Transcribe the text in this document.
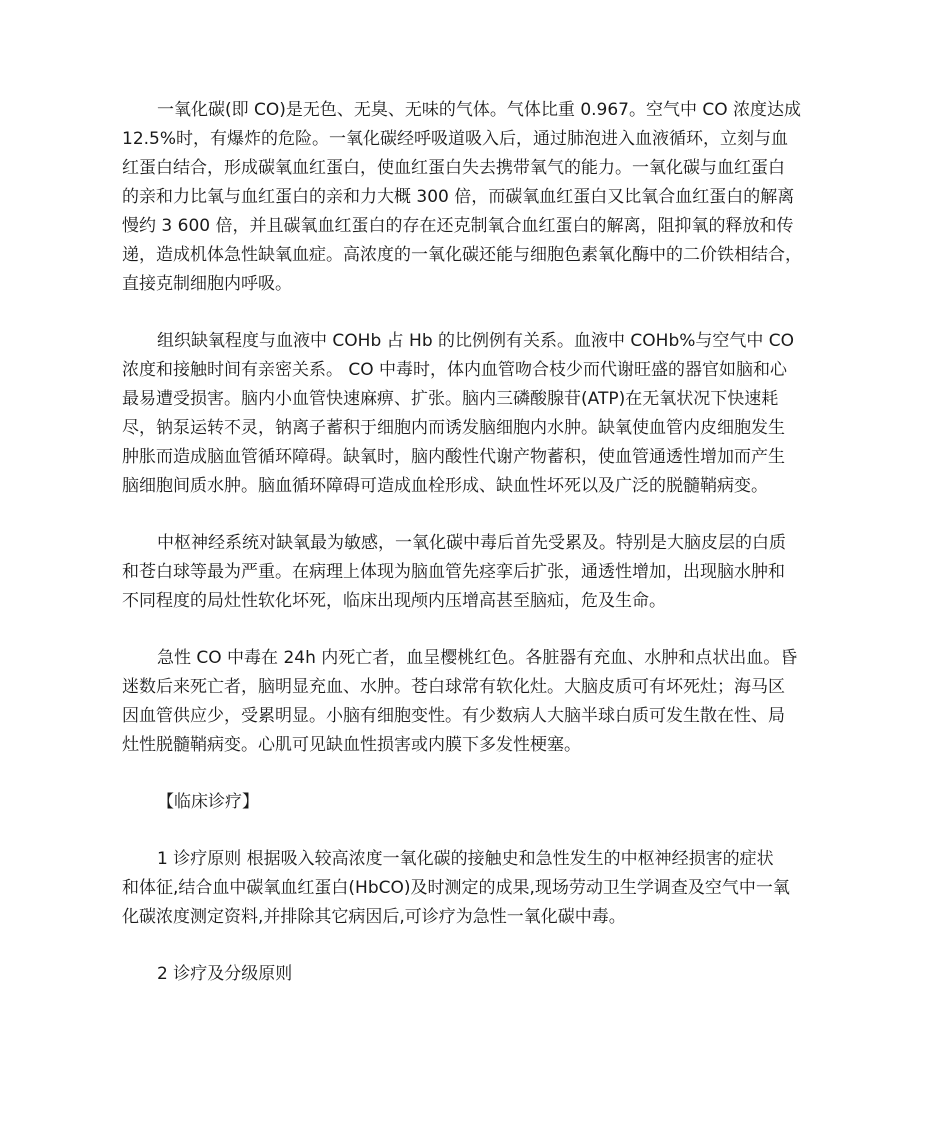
一氧化碳(即 CO)是无色、无臭、无味的气体。气体比重 0.967。空气中 CO 浓度达成
12.5%时，有爆炸的危险。一氧化碳经呼吸道吸入后，通过肺泡进入血液循环，立刻与血
红蛋白结合，形成碳氧血红蛋白，使血红蛋白失去携带氧气的能力。一氧化碳与血红蛋白
的亲和力比氧与血红蛋白的亲和力大概 300 倍，而碳氧血红蛋白又比氧合血红蛋白的解离
慢约 3 600 倍，并且碳氧血红蛋白的存在还克制氧合血红蛋白的解离，阻抑氧的释放和传
递，造成机体急性缺氧血症。高浓度的一氧化碳还能与细胞色素氧化酶中的二价铁相结合，
直接克制细胞内呼吸。

组织缺氧程度与血液中 COHb 占 Hb 的比例例有关系。血液中 COHb%与空气中 CO
浓度和接触时间有亲密关系。 CO 中毒时，体内血管吻合枝少而代谢旺盛的器官如脑和心
最易遭受损害。脑内小血管快速麻痹、扩张。脑内三磷酸腺苷(ATP)在无氧状况下快速耗
尽，钠泵运转不灵，钠离子蓄积于细胞内而诱发脑细胞内水肿。缺氧使血管内皮细胞发生
肿胀而造成脑血管循环障碍。缺氧时，脑内酸性代谢产物蓄积，使血管通透性增加而产生
脑细胞间质水肿。脑血循环障碍可造成血栓形成、缺血性坏死以及广泛的脱髓鞘病变。

中枢神经系统对缺氧最为敏感，一氧化碳中毒后首先受累及。特别是大脑皮层的白质
和苍白球等最为严重。在病理上体现为脑血管先痉挛后扩张，通透性增加，出现脑水肿和
不同程度的局灶性软化坏死，临床出现颅内压增高甚至脑疝，危及生命。

急性 CO 中毒在 24h 内死亡者，血呈樱桃红色。各脏器有充血、水肿和点状出血。昏
迷数后来死亡者，脑明显充血、水肿。苍白球常有软化灶。大脑皮质可有坏死灶；海马区
因血管供应少，受累明显。小脑有细胞变性。有少数病人大脑半球白质可发生散在性、局
灶性脱髓鞘病变。心肌可见缺血性损害或内膜下多发性梗塞。

【临床诊疗】

1 诊疗原则 根据吸入较高浓度一氧化碳的接触史和急性发生的中枢神经损害的症状
和体征,结合血中碳氧血红蛋白(HbCO)及时测定的成果,现场劳动卫生学调查及空气中一氧
化碳浓度测定资料,并排除其它病因后,可诊疗为急性一氧化碳中毒。

2 诊疗及分级原则
